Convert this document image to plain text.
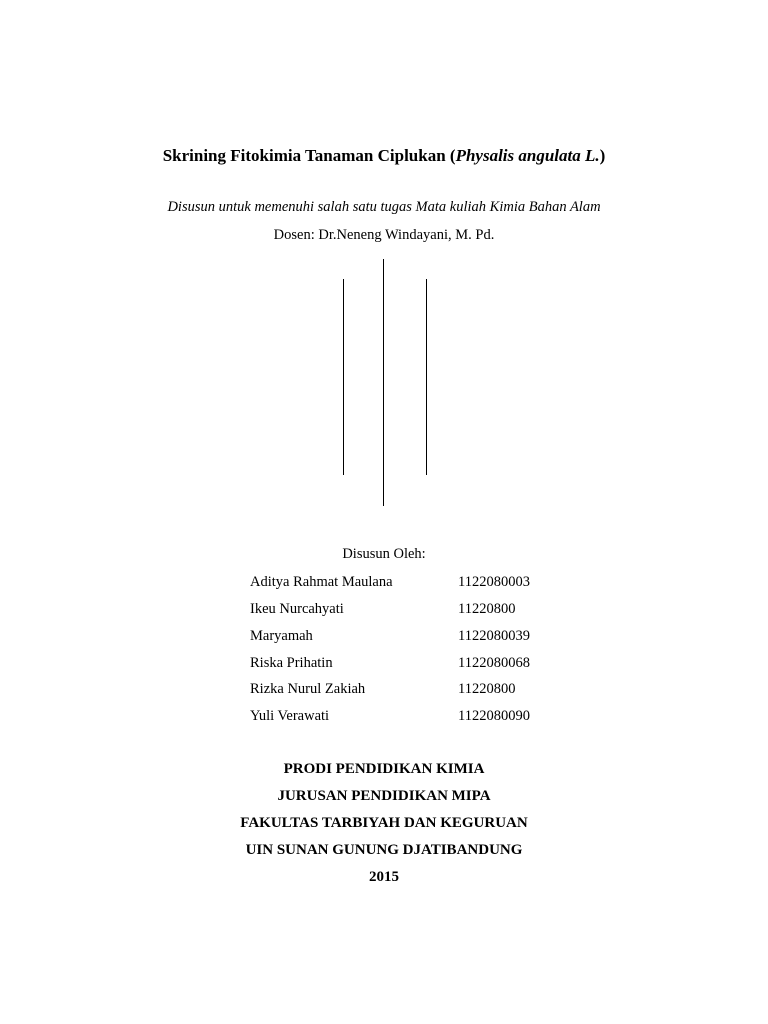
Skrining Fitokimia Tanaman Ciplukan (Physalis angulata L.)
Disusun untuk memenuhi salah satu tugas Mata kuliah Kimia Bahan Alam
Dosen: Dr.Neneng Windayani, M. Pd.
Disusun Oleh:
Aditya Rahmat Maulana	1122080003
Ikeu Nurcahyati	11220800
Maryamah	1122080039
Riska Prihatin	1122080068
Rizka Nurul Zakiah	11220800
Yuli Verawati	1122080090
PRODI PENDIDIKAN KIMIA
JURUSAN PENDIDIKAN MIPA
FAKULTAS TARBIYAH DAN KEGURUAN
UIN SUNAN GUNUNG DJATIBANDUNG
2015
